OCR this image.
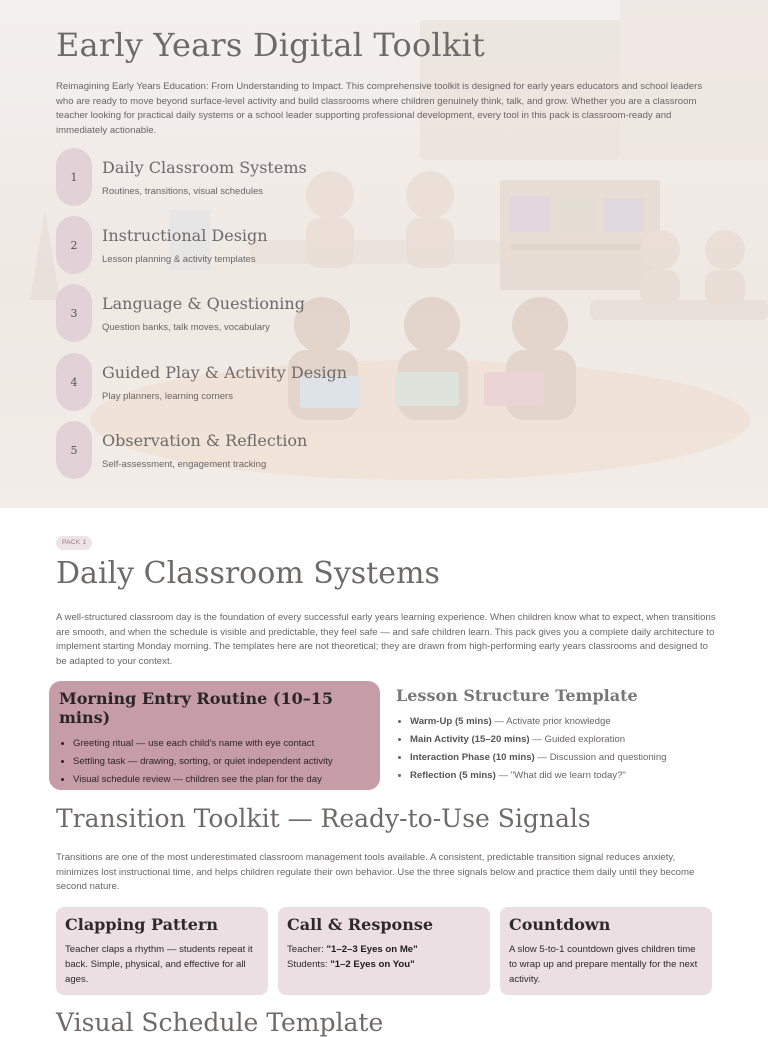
Early Years Digital Toolkit

Reimagining Early Years Education: From Understanding to Impact. This comprehensive toolkit is designed for early years educators and school leaders who are ready to move beyond surface-level activity and build classrooms where children genuinely think, talk, and grow. Whether you are a classroom teacher looking for practical daily systems or a school leader supporting professional development, every tool in this pack is classroom-ready and immediately actionable.

1	Daily Classroom Systems
Routines, transitions, visual schedules
2	Instructional Design
Lesson planning & activity templates
3	Language & Questioning
Question banks, talk moves, vocabulary
4	Guided Play & Activity Design
Play planners, learning corners
5	Observation & Reflection
Self-assessment, engagement tracking
PACK 1
Daily Classroom Systems

A well-structured classroom day is the foundation of every successful early years learning experience. When children know what to expect, when transitions are smooth, and when the schedule is visible and predictable, they feel safe — and safe children learn. This pack gives you a complete daily architecture to implement starting Monday morning. The templates here are not theoretical; they are drawn from high-performing early years classrooms and designed to be adapted to your context.

Morning Entry Routine (10–15 mins)
• Greeting ritual — use each child's name with eye contact
• Settling task — drawing, sorting, or quiet independent activity
• Visual schedule review — children see the plan for the day
Lesson Structure Template
• Warm-Up (5 mins) — Activate prior knowledge
• Main Activity (15–20 mins) — Guided exploration
• Interaction Phase (10 mins) — Discussion and questioning
• Reflection (5 mins) — "What did we learn today?"
Transition Toolkit — Ready-to-Use Signals

Transitions are one of the most underestimated classroom management tools available. A consistent, predictable transition signal reduces anxiety, minimizes lost instructional time, and helps children regulate their own behavior. Use the three signals below and practice them daily until they become second nature.

Clapping Pattern
Teacher claps a rhythm — students repeat it back. Simple, physical, and effective for all ages.
Call & Response
Teacher: "1–2–3 Eyes on Me"
Students: "1–2 Eyes on You"
Countdown
A slow 5-to-1 countdown gives children time to wrap up and prepare mentally for the next activity.
Visual Schedule Template
